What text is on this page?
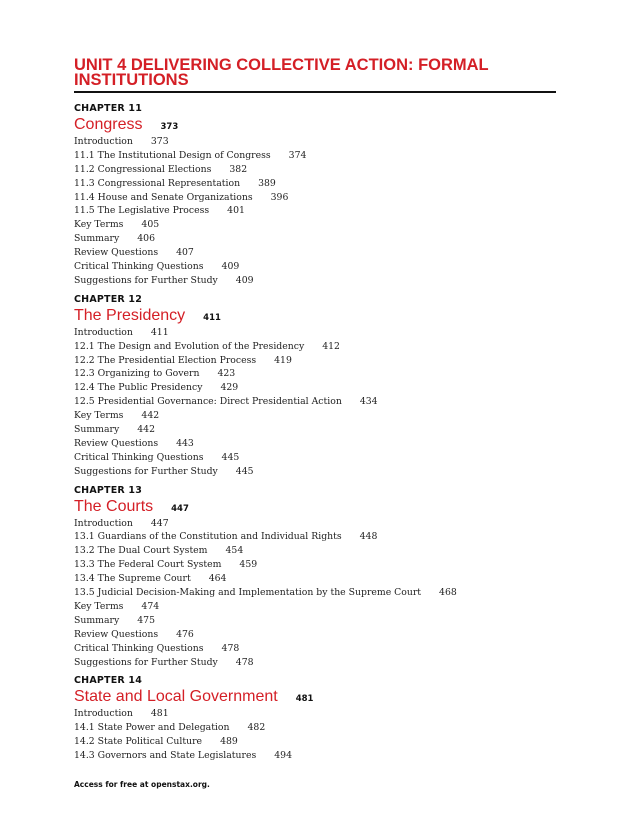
UNIT 4 DELIVERING COLLECTIVE ACTION: FORMAL INSTITUTIONS
CHAPTER 11
Congress 373
Introduction 373
11.1 The Institutional Design of Congress 374
11.2 Congressional Elections 382
11.3 Congressional Representation 389
11.4 House and Senate Organizations 396
11.5 The Legislative Process 401
Key Terms 405
Summary 406
Review Questions 407
Critical Thinking Questions 409
Suggestions for Further Study 409
CHAPTER 12
The Presidency 411
Introduction 411
12.1 The Design and Evolution of the Presidency 412
12.2 The Presidential Election Process 419
12.3 Organizing to Govern 423
12.4 The Public Presidency 429
12.5 Presidential Governance: Direct Presidential Action 434
Key Terms 442
Summary 442
Review Questions 443
Critical Thinking Questions 445
Suggestions for Further Study 445
CHAPTER 13
The Courts 447
Introduction 447
13.1 Guardians of the Constitution and Individual Rights 448
13.2 The Dual Court System 454
13.3 The Federal Court System 459
13.4 The Supreme Court 464
13.5 Judicial Decision-Making and Implementation by the Supreme Court 468
Key Terms 474
Summary 475
Review Questions 476
Critical Thinking Questions 478
Suggestions for Further Study 478
CHAPTER 14
State and Local Government 481
Introduction 481
14.1 State Power and Delegation 482
14.2 State Political Culture 489
14.3 Governors and State Legislatures 494
Access for free at openstax.org.
